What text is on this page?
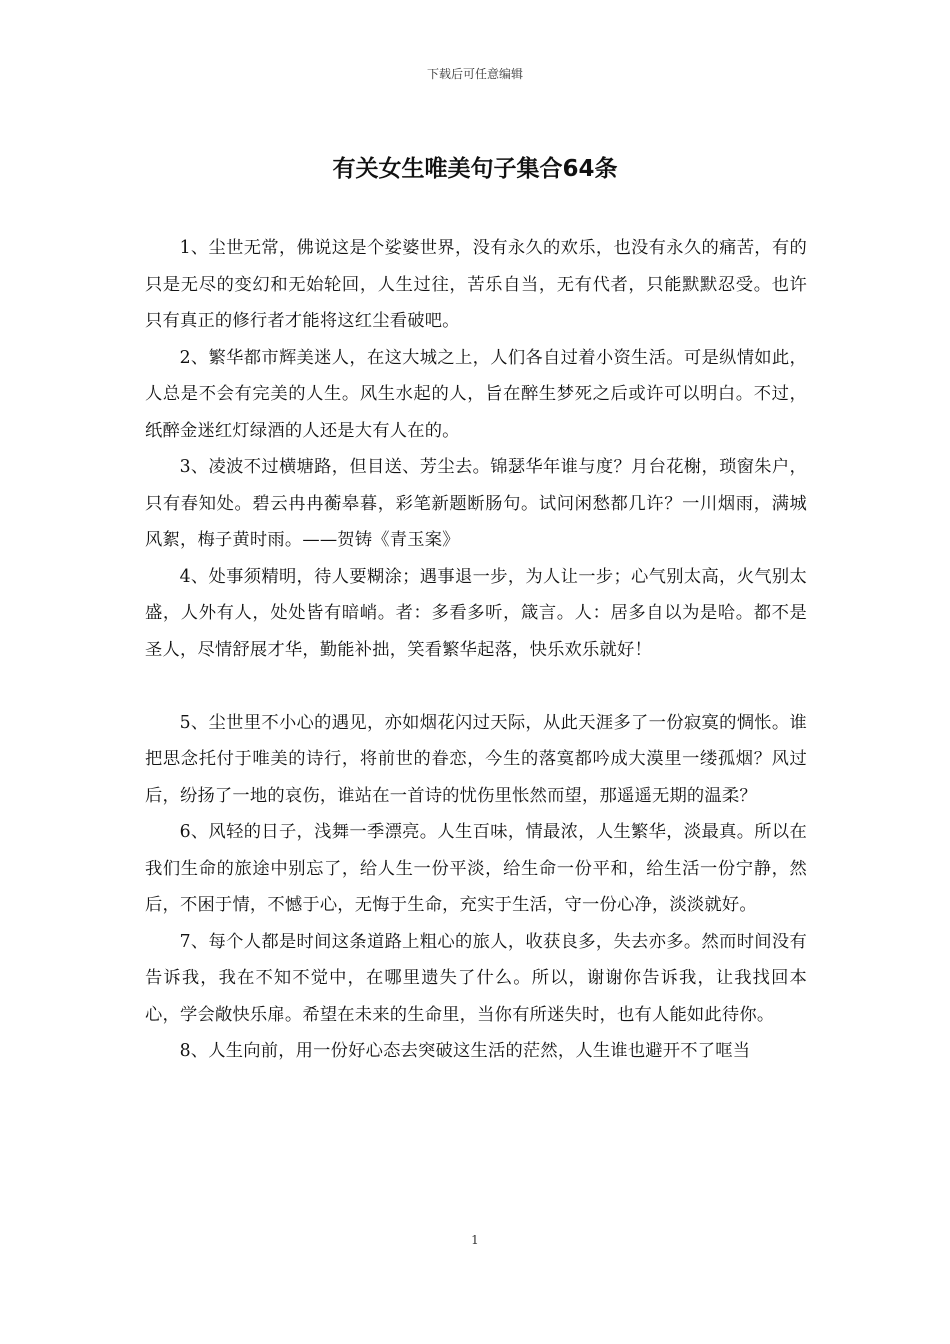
下载后可任意编辑
有关女生唯美句子集合64条

1、尘世无常，佛说这是个娑婆世界，没有永久的欢乐，也没有永久的痛苦，有的只是无尽的变幻和无始轮回，人生过往，苦乐自当，无有代者，只能默默忍受。也许只有真正的修行者才能将这红尘看破吧。

2、繁华都市辉美迷人，在这大城之上，人们各自过着小资生活。可是纵情如此，人总是不会有完美的人生。风生水起的人，旨在醉生梦死之后或许可以明白。不过，纸醉金迷红灯绿酒的人还是大有人在的。

3、凌波不过横塘路，但目送、芳尘去。锦瑟华年谁与度？月台花榭，琐窗朱户，只有春知处。碧云冉冉蘅皋暮，彩笔新题断肠句。试问闲愁都几许？一川烟雨，满城风絮，梅子黄时雨。——贺铸《青玉案》

4、处事须精明，待人要糊涂；遇事退一步，为人让一步；心气别太高，火气别太盛，人外有人，处处皆有暗峭。者：多看多听，箴言。人：居多自以为是哈。都不是圣人，尽情舒展才华，勤能补拙，笑看繁华起落，快乐欢乐就好！

5、尘世里不小心的遇见，亦如烟花闪过天际，从此天涯多了一份寂寞的惆怅。谁把思念托付于唯美的诗行，将前世的眷恋，今生的落寞都吟成大漠里一缕孤烟？风过后，纷扬了一地的哀伤，谁站在一首诗的忧伤里怅然而望，那遥遥无期的温柔？

6、风轻的日子，浅舞一季漂亮。人生百味，情最浓，人生繁华，淡最真。所以在我们生命的旅途中别忘了，给人生一份平淡，给生命一份平和，给生活一份宁静，然后，不困于情，不憾于心，无悔于生命，充实于生活，守一份心净，淡淡就好。

7、每个人都是时间这条道路上粗心的旅人，收获良多，失去亦多。然而时间没有告诉我，我在不知不觉中，在哪里遗失了什么。所以，谢谢你告诉我，让我找回本心，学会敞快乐扉。希望在未来的生命里，当你有所迷失时，也有人能如此待你。

8、人生向前，用一份好心态去突破这生活的茫然，人生谁也避开不了哐当

1
